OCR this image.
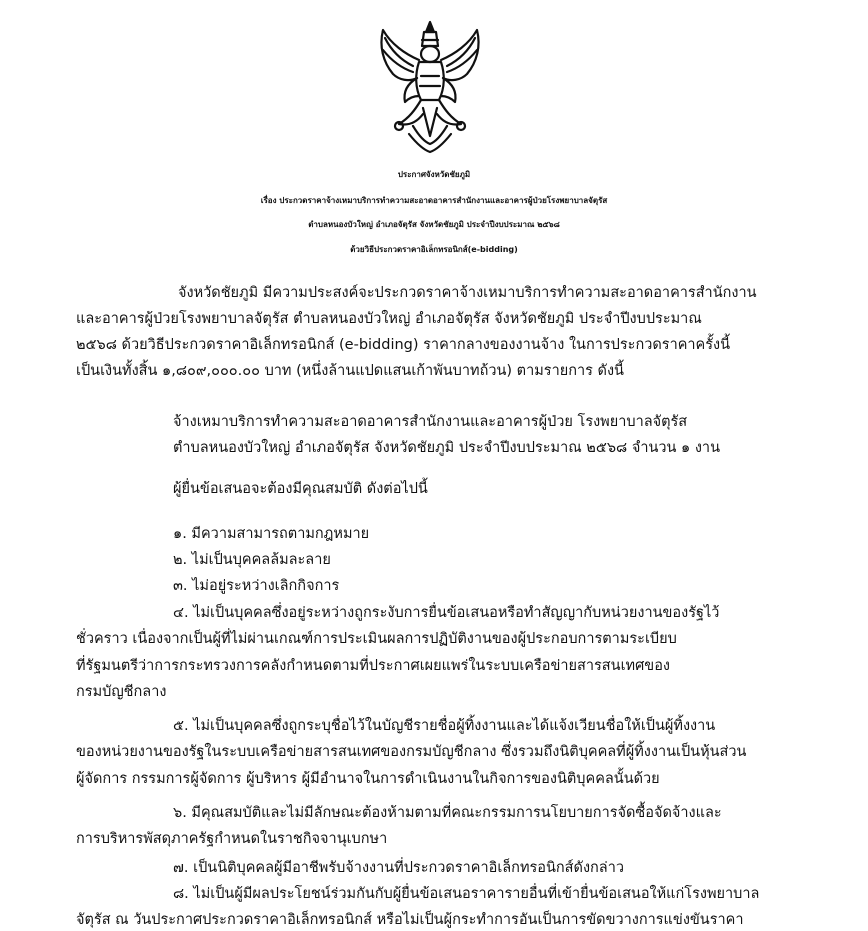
ประกาศจังหวัดชัยภูมิ
เรื่อง ประกวดราคาจ้างเหมาบริการทำความสะอาดอาคารสำนักงานและอาคารผู้ป่วยโรงพยาบาลจัตุรัส
ตำบลหนองบัวใหญ่ อำเภอจัตุรัส จังหวัดชัยภูมิ ประจำปีงบประมาณ ๒๕๖๘
ด้วยวิธีประกวดราคาอิเล็กทรอนิกส์(e-bidding)
จังหวัดชัยภูมิ มีความประสงค์จะประกวดราคาจ้างเหมาบริการทำความสะอาดอาคารสำนักงาน
และอาคารผู้ป่วยโรงพยาบาลจัตุรัส ตำบลหนองบัวใหญ่ อำเภอจัตุรัส จังหวัดชัยภูมิ ประจำปีงบประมาณ
๒๕๖๘ ด้วยวิธีประกวดราคาอิเล็กทรอนิกส์ (e-bidding) ราคากลางของงานจ้าง ในการประกวดราคาครั้งนี้
เป็นเงินทั้งสิ้น ๑,๘๐๙,๐๐๐.๐๐ บาท (หนึ่งล้านแปดแสนเก้าพันบาทถ้วน) ตามรายการ ดังนี้
จ้างเหมาบริการทำความสะอาดอาคารสำนักงานและอาคารผู้ป่วย โรงพยาบาลจัตุรัส
ตำบลหนองบัวใหญ่ อำเภอจัตุรัส จังหวัดชัยภูมิ ประจำปีงบประมาณ ๒๕๖๘ จำนวน ๑ งาน
ผู้ยื่นข้อเสนอจะต้องมีคุณสมบัติ ดังต่อไปนี้
๑. มีความสามารถตามกฎหมาย
๒. ไม่เป็นบุคคลล้มละลาย
๓. ไม่อยู่ระหว่างเลิกกิจการ
๔. ไม่เป็นบุคคลซึ่งอยู่ระหว่างถูกระงับการยื่นข้อเสนอหรือทำสัญญากับหน่วยงานของรัฐไว้
ชั่วคราว เนื่องจากเป็นผู้ที่ไม่ผ่านเกณฑ์การประเมินผลการปฏิบัติงานของผู้ประกอบการตามระเบียบ
ที่รัฐมนตรีว่าการกระทรวงการคลังกำหนดตามที่ประกาศเผยแพร่ในระบบเครือข่ายสารสนเทศของ
กรมบัญชีกลาง
๕. ไม่เป็นบุคคลซึ่งถูกระบุชื่อไว้ในบัญชีรายชื่อผู้ทิ้งงานและได้แจ้งเวียนชื่อให้เป็นผู้ทิ้งงาน
ของหน่วยงานของรัฐในระบบเครือข่ายสารสนเทศของกรมบัญชีกลาง ซึ่งรวมถึงนิติบุคคลที่ผู้ทิ้งงานเป็นหุ้นส่วน
ผู้จัดการ กรรมการผู้จัดการ ผู้บริหาร ผู้มีอำนาจในการดำเนินงานในกิจการของนิติบุคคลนั้นด้วย
๖. มีคุณสมบัติและไม่มีลักษณะต้องห้ามตามที่คณะกรรมการนโยบายการจัดซื้อจัดจ้างและ
การบริหารพัสดุภาครัฐกำหนดในราชกิจจานุเบกษา
๗. เป็นนิติบุคคลผู้มีอาชีพรับจ้างงานที่ประกวดราคาอิเล็กทรอนิกส์ดังกล่าว
๘. ไม่เป็นผู้มีผลประโยชน์ร่วมกันกับผู้ยื่นข้อเสนอราคารายอื่นที่เข้ายื่นข้อเสนอให้แก่โรงพยาบาล
จัตุรัส ณ วันประกาศประกวดราคาอิเล็กทรอนิกส์ หรือไม่เป็นผู้กระทำการอันเป็นการขัดขวางการแข่งขันราคา
